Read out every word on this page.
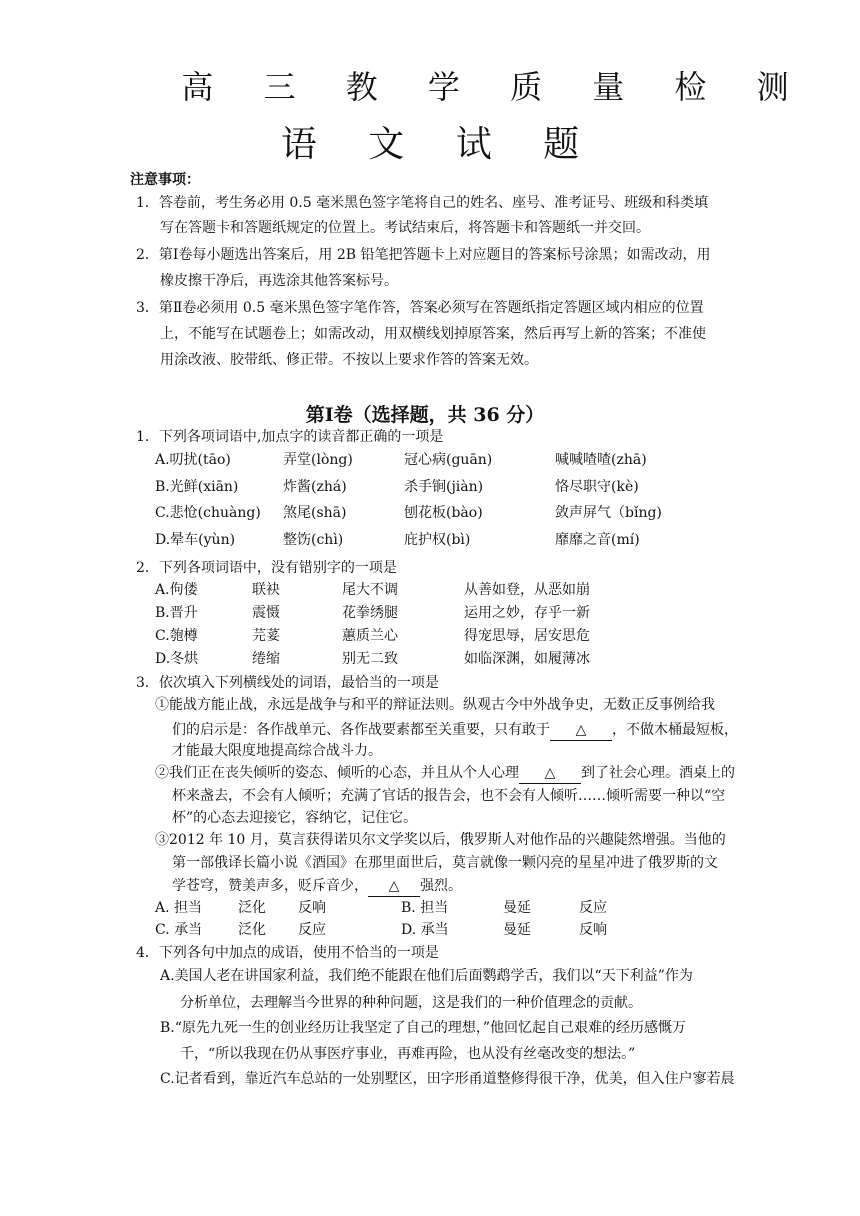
高 三 教 学 质 量 检 测
语 文 试 题
注意事项：
1．答卷前，考生务必用 0.5 毫米黑色签字笔将自己的姓名、座号、准考证号、班级和科类填
写在答题卡和答题纸规定的位置上。考试结束后，将答题卡和答题纸一并交回。
2．第Ⅰ卷每小题选出答案后，用 2B 铅笔把答题卡上对应题目的答案标号涂黑；如需改动，用
橡皮擦干净后，再选涂其他答案标号。
3．第Ⅱ卷必须用 0.5 毫米黑色签字笔作答，答案必须写在答题纸指定答题区域内相应的位置
上，不能写在试题卷上；如需改动，用双横线划掉原答案，然后再写上新的答案；不准使
用涂改液、胶带纸、修正带。不按以上要求作答的答案无效。
第Ⅰ卷（选择题，共 36 分）
1．下列各项词语中,加点字的读音都正确的一项是
A.叨扰(tāo)	弄堂(lòng)	冠心病(guān)	喊喊喳喳(zhā)
B.光鲜(xiān)	炸酱(zhá)	杀手锏(jiàn)	恪尽职守(kè)
C.悲怆(chuàng) 煞尾(shā)	刨花板(bào)	敛声屏气（bǐng)
D.晕车(yùn)	整饬(chì)	庇护权(bì)	靡靡之音(mí)
2．下列各项词语中，没有错别字的一项是
A.佝偻	联袂	尾大不调	从善如登，从恶如崩
B.晋升	震慑	花拳绣腿	运用之妙，存乎一新
C.匏樽	芫荽	蕙质兰心	得宠思辱，居安思危
D.冬烘	绻缩	别无二致	如临深渊，如履薄冰
3．依次填入下列横线处的词语，最恰当的一项是
①能战方能止战，永远是战争与和平的辩证法则。纵观古今中外战争史，无数正反事例给我
们的启示是：各作战单元、各作战要素都至关重要，只有敢于 △ ，不做木桶最短板，
才能最大限度地提高综合战斗力。
②我们正在丧失倾听的姿态、倾听的心态，并且从个人心理 △ 到了社会心理。酒桌上的
杯来盏去，不会有人倾听；充满了官话的报告会，也不会有人倾听……倾听需要一种以“空
杯”的心态去迎接它，容纳它，记住它。
③2012 年 10 月，莫言获得诺贝尔文学奖以后，俄罗斯人对他作品的兴趣陡然增强。当他的
第一部俄译长篇小说《酒国》在那里面世后，莫言就像一颗闪亮的星星冲进了俄罗斯的文
学苍穹，赞美声多，贬斥音少， △ 强烈。
A. 担当	泛化 反响	B. 担当	曼延	反应
C. 承当	泛化 反应	D. 承当	曼延	反响
4．下列各句中加点的成语，使用不恰当的一项是
A.美国人老在讲国家利益，我们绝不能跟在他们后面鹦鹉学舌，我们以“天下利益”作为
分析单位，去理解当今世界的种种问题，这是我们的一种价值理念的贡献。
B.“原先九死一生的创业经历让我坚定了自己的理想，”他回忆起自己艰难的经历感慨万
千，“所以我现在仍从事医疗事业，再难再险，也从没有丝毫改变的想法。”
C.记者看到，靠近汽车总站的一处别墅区，田字形甬道整修得很干净，优美，但入住户寥若晨
